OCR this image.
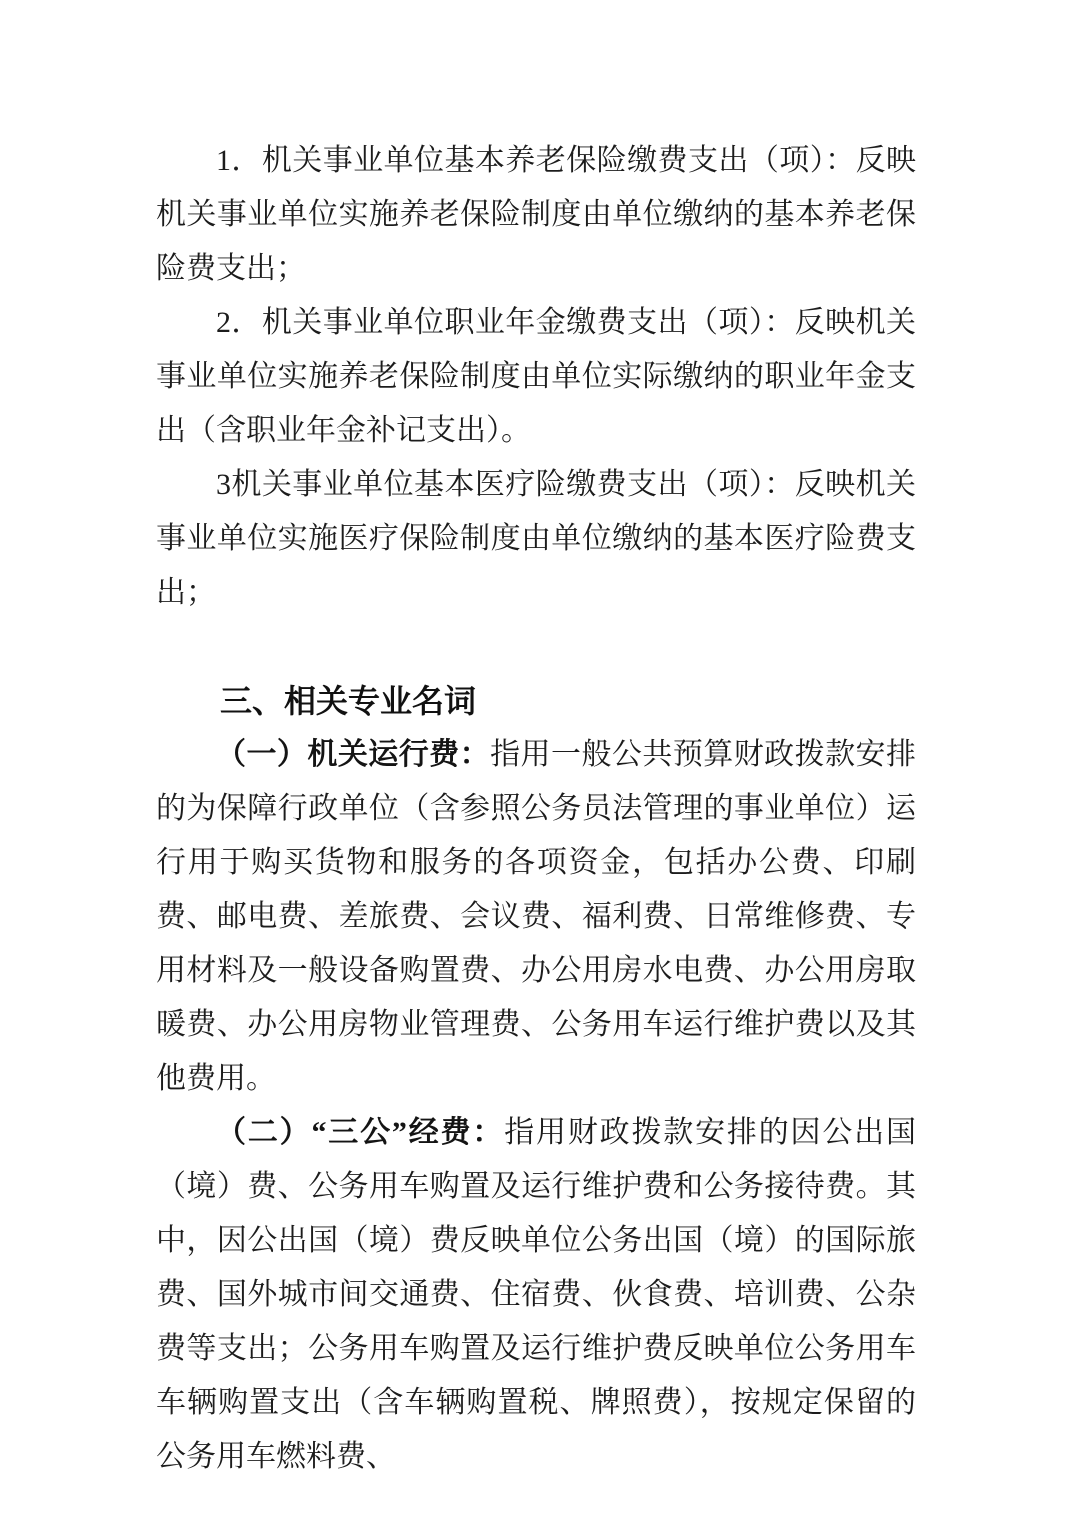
1．机关事业单位基本养老保险缴费支出（项）：反映机关事业单位实施养老保险制度由单位缴纳的基本养老保险费支出；

2．机关事业单位职业年金缴费支出（项）：反映机关事业单位实施养老保险制度由单位实际缴纳的职业年金支出（含职业年金补记支出）。

3机关事业单位基本医疗险缴费支出（项）：反映机关事业单位实施医疗保险制度由单位缴纳的基本医疗险费支出；

三、相关专业名词

（一）机关运行费：指用一般公共预算财政拨款安排的为保障行政单位（含参照公务员法管理的事业单位）运行用于购买货物和服务的各项资金，包括办公费、印刷费、邮电费、差旅费、会议费、福利费、日常维修费、专用材料及一般设备购置费、办公用房水电费、办公用房取暖费、办公用房物业管理费、公务用车运行维护费以及其他费用。

（二）“三公”经费：指用财政拨款安排的因公出国（境）费、公务用车购置及运行维护费和公务接待费。其中，因公出国（境）费反映单位公务出国（境）的国际旅费、国外城市间交通费、住宿费、伙食费、培训费、公杂费等支出；公务用车购置及运行维护费反映单位公务用车车辆购置支出（含车辆购置税、牌照费），按规定保留的公务用车燃料费、
